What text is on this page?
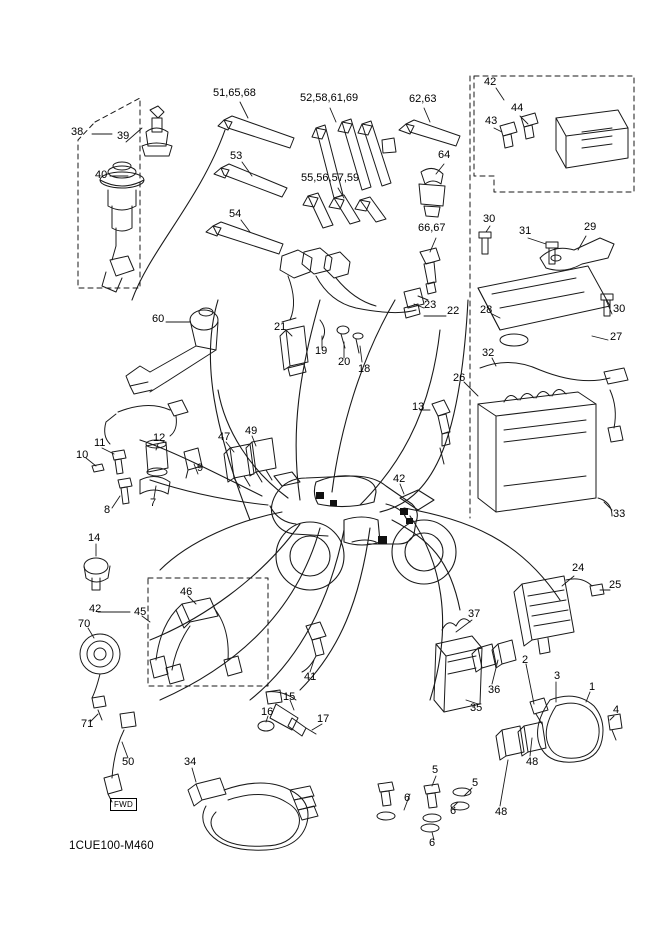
38	39
40
51,65,68
53
54
52,58,61,69
55,56,57,59
62,63
64
66,67
42
44
43
30
31	29
28	30
27
32
26
33
60
21
19
20
18
23 22
13
42
10
11	12
9
8
7
47 49
14
42	45
46
70
71
41
15
16
17
50	34
24
25
37
2
3
1
4
36
35
48
48
5
6
5
6
6
FWD
1CUE100-M460
